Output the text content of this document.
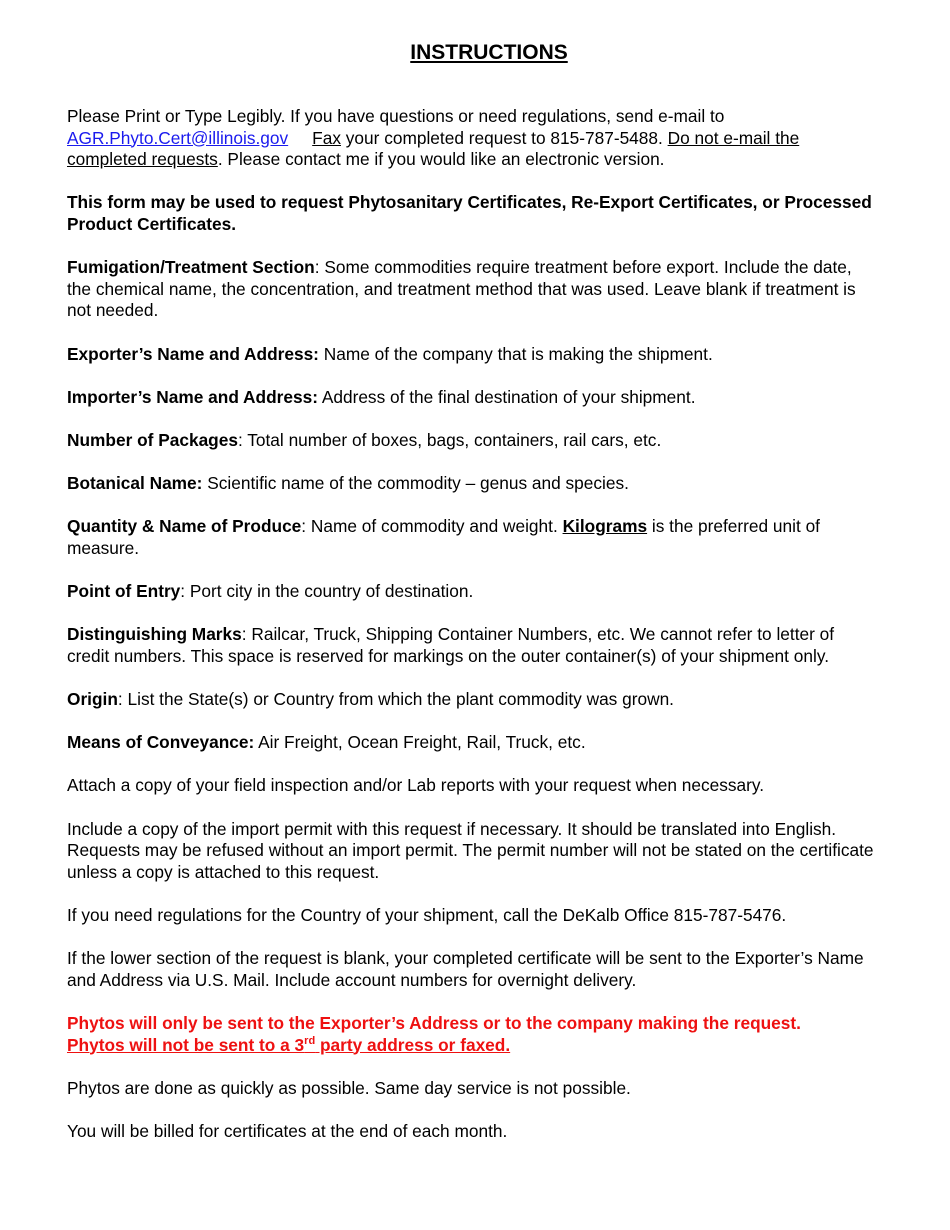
INSTRUCTIONS

Please Print or Type Legibly. If you have questions or need regulations, send e-mail to AGR.Phyto.Cert@illinois.gov Fax your completed request to 815-787-5488. Do not e-mail the completed requests. Please contact me if you would like an electronic version.

This form may be used to request Phytosanitary Certificates, Re-Export Certificates, or Processed Product Certificates.

Fumigation/Treatment Section: Some commodities require treatment before export. Include the date, the chemical name, the concentration, and treatment method that was used. Leave blank if treatment is not needed.

Exporter’s Name and Address: Name of the company that is making the shipment.

Importer’s Name and Address: Address of the final destination of your shipment.

Number of Packages: Total number of boxes, bags, containers, rail cars, etc.

Botanical Name: Scientific name of the commodity – genus and species.

Quantity & Name of Produce: Name of commodity and weight. Kilograms is the preferred unit of measure.

Point of Entry: Port city in the country of destination.

Distinguishing Marks: Railcar, Truck, Shipping Container Numbers, etc. We cannot refer to letter of credit numbers. This space is reserved for markings on the outer container(s) of your shipment only.

Origin: List the State(s) or Country from which the plant commodity was grown.

Means of Conveyance: Air Freight, Ocean Freight, Rail, Truck, etc.

Attach a copy of your field inspection and/or Lab reports with your request when necessary.

Include a copy of the import permit with this request if necessary. It should be translated into English. Requests may be refused without an import permit. The permit number will not be stated on the certificate unless a copy is attached to this request.

If you need regulations for the Country of your shipment, call the DeKalb Office 815-787-5476.

If the lower section of the request is blank, your completed certificate will be sent to the Exporter’s Name and Address via U.S. Mail. Include account numbers for overnight delivery.

Phytos will only be sent to the Exporter’s Address or to the company making the request.
Phytos will not be sent to a 3rd party address or faxed.

Phytos are done as quickly as possible. Same day service is not possible.

You will be billed for certificates at the end of each month.
